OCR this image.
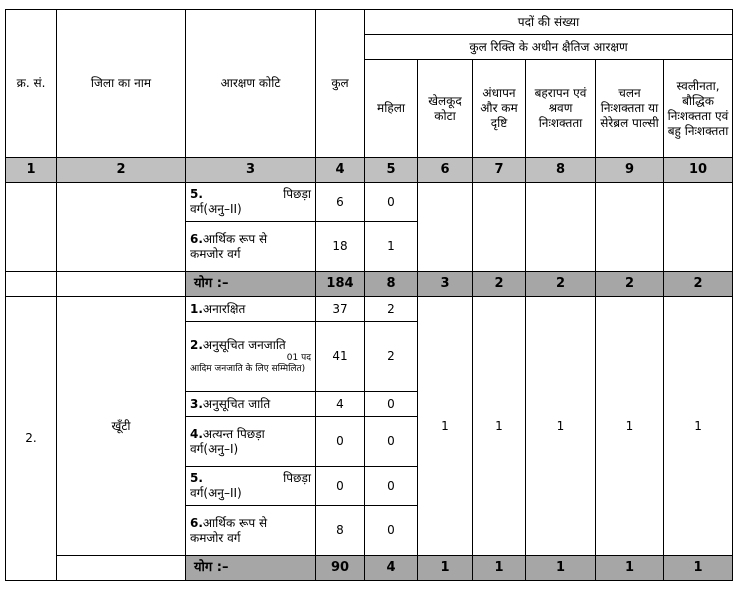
क्र. सं.	जिला का नाम	आरक्षण कोटि	कुल	पदों की संख्या					
				कुल रिक्ति के अधीन क्षैतिज आरक्षण					
				महिला	खेलकूद कोटा	अंधापन और कम दृष्टि	बहरापन एवं श्रवण निःशक्तता	चलन निःशक्तता या सेरेब्रल पाल्सी	स्वलीनता, बौद्धिक निःशक्तता एवं बहु निःशक्तता
1	2	3	4	5	6	7	8	9	10

		5. पिछड़ा
वर्ग(अनु–II)	6	0					

		6.आर्थिक रूप से
कमजोर वर्ग	18	1					
		योग :–	184	8	3	2	2	2	2
2.	खूँटी	1.अनारक्षित	37	2	1	1	1	1	1

		2.अनुसूचित जनजाति
01 पद
आदिम जनजाति के लिए सम्मिलित)	41	2					
		3.अनुसूचित जाति	4	0					

		4.अत्यन्त पिछड़ा
वर्ग(अनु–I)	0	0					

		5. पिछड़ा
वर्ग(अनु–II)	0	0					

		6.आर्थिक रूप से
कमजोर वर्ग	8	0					
		योग :–	90	4	1	1	1	1	1
